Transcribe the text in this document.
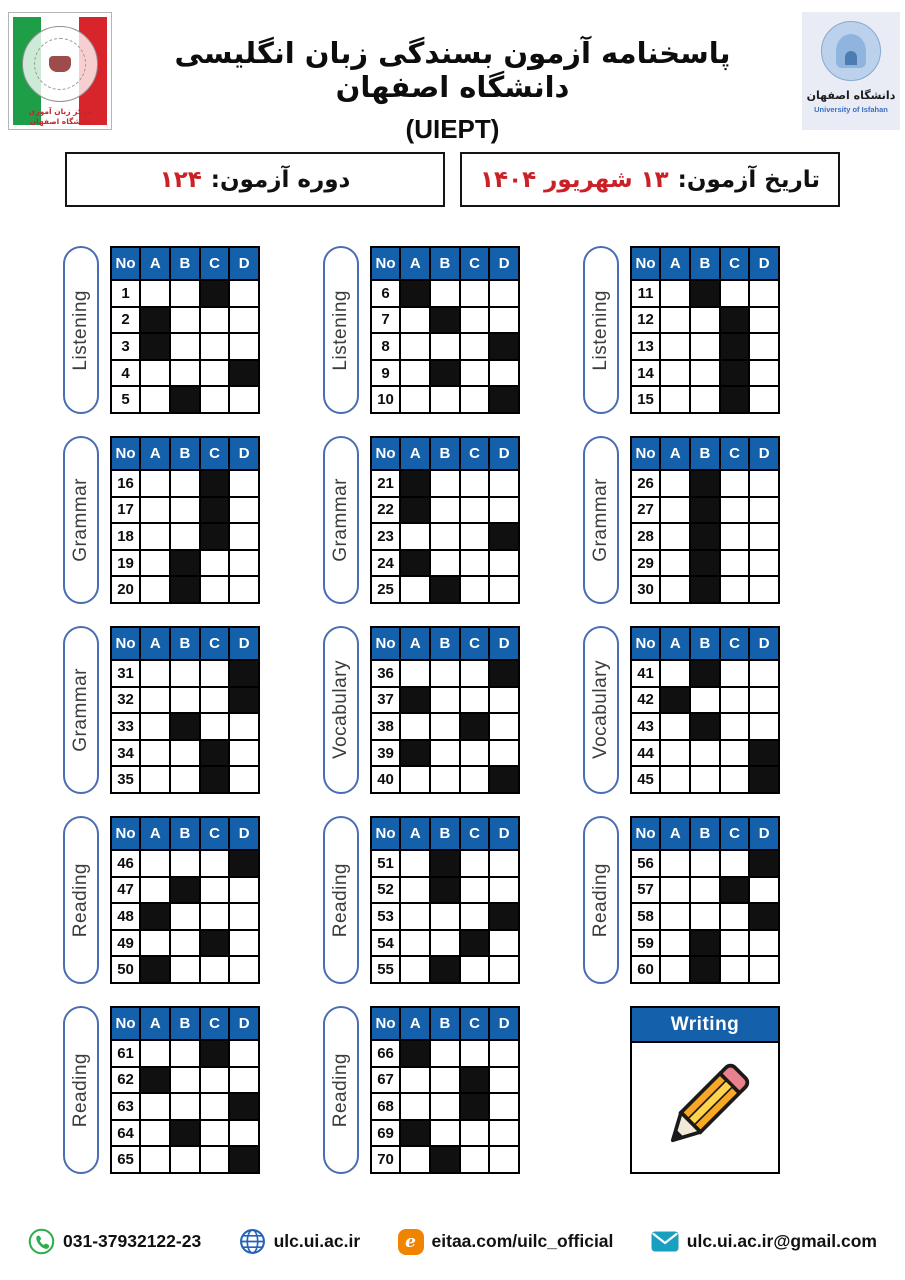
مرکز زبان آموزی
دانشگاه اصفهان
پاسخنامه آزمون بسندگی زبان انگلیسی دانشگاه اصفهان
(UIEPT)
دانشگاه اصفهان
University of Isfahan
تاریخ آزمون:
۱۳ شهریور ۱۴۰۴
دوره آزمون:
۱۲۴
Writing
Listening
No	A	B	C	D
1				
2				
3				
4				
5				
Listening
No	A	B	C	D
6				
7				
8				
9				
10				
Listening
No	A	B	C	D
11				
12				
13				
14				
15				
Grammar
No	A	B	C	D
16				
17				
18				
19				
20				
Grammar
No	A	B	C	D
21				
22				
23				
24				
25				
Grammar
No	A	B	C	D
26				
27				
28				
29				
30				
Grammar
No	A	B	C	D
31				
32				
33				
34				
35				
Vocabulary
No	A	B	C	D
36				
37				
38				
39				
40				
Vocabulary
No	A	B	C	D
41				
42				
43				
44				
45				
Reading
No	A	B	C	D
46				
47				
48				
49				
50				
Reading
No	A	B	C	D
51				
52				
53				
54				
55				
Reading
No	A	B	C	D
56				
57				
58				
59				
60				
Reading
No	A	B	C	D
61				
62				
63				
64				
65				
Reading
No	A	B	C	D
66				
67				
68				
69				
70				
031-37932122-23	ulc.ui.ac.ir	e eitaa.com/uilc_official	ulc.ui.ac.ir@gmail.com
